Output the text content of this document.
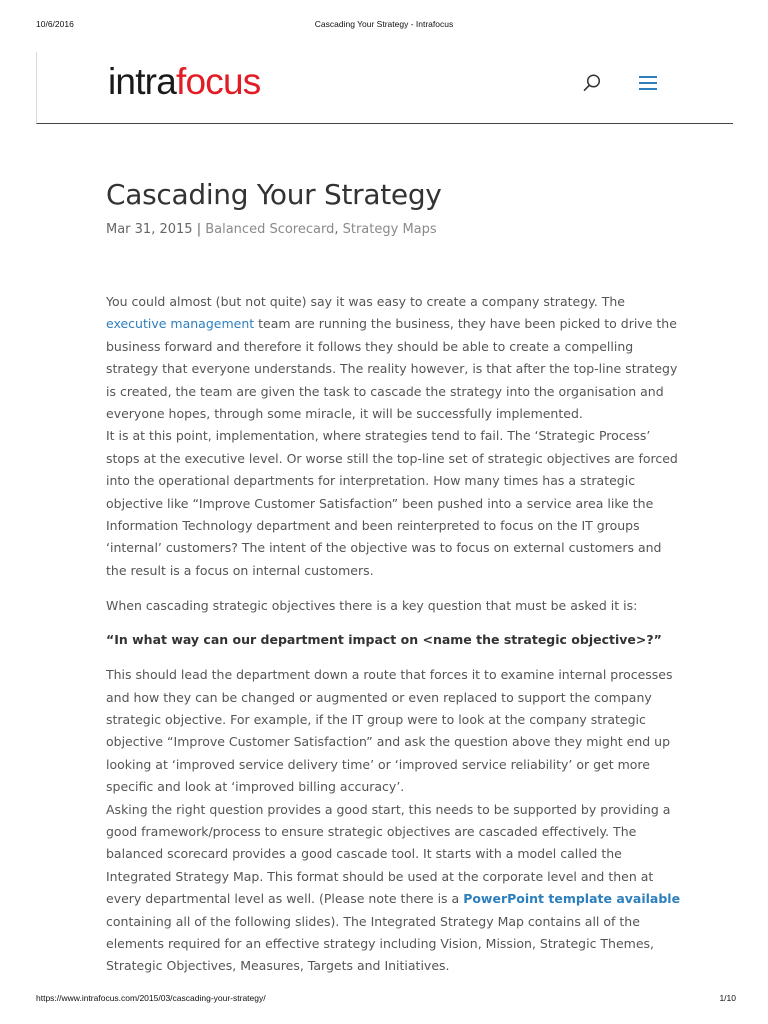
10/6/2016	Cascading Your Strategy - Intrafocus
intrafocus
Cascading Your Strategy
Mar 31, 2015 | Balanced Scorecard, Strategy Maps

You could almost (but not quite) say it was easy to create a company strategy. The
executive management team are running the business, they have been picked to drive the
business forward and therefore it follows they should be able to create a compelling
strategy that everyone understands. The reality however, is that after the top-line strategy
is created, the team are given the task to cascade the strategy into the organisation and
everyone hopes, through some miracle, it will be successfully implemented.

It is at this point, implementation, where strategies tend to fail. The ‘Strategic Process’
stops at the executive level. Or worse still the top-line set of strategic objectives are forced
into the operational departments for interpretation. How many times has a strategic
objective like “Improve Customer Satisfaction” been pushed into a service area like the
Information Technology department and been reinterpreted to focus on the IT groups
‘internal’ customers? The intent of the objective was to focus on external customers and
the result is a focus on internal customers.

When cascading strategic objectives there is a key question that must be asked it is:

“In what way can our department impact on <name the strategic objective>?”

This should lead the department down a route that forces it to examine internal processes
and how they can be changed or augmented or even replaced to support the company
strategic objective. For example, if the IT group were to look at the company strategic
objective “Improve Customer Satisfaction” and ask the question above they might end up
looking at ‘improved service delivery time’ or ‘improved service reliability’ or get more
specific and look at ‘improved billing accuracy’.

Asking the right question provides a good start, this needs to be supported by providing a
good framework/process to ensure strategic objectives are cascaded effectively. The
balanced scorecard provides a good cascade tool. It starts with a model called the
Integrated Strategy Map. This format should be used at the corporate level and then at
every departmental level as well. (Please note there is a PowerPoint template available
containing all of the following slides). The Integrated Strategy Map contains all of the
elements required for an effective strategy including Vision, Mission, Strategic Themes,
Strategic Objectives, Measures, Targets and Initiatives.

https://www.intrafocus.com/2015/03/cascading-your-strategy/	1/10
